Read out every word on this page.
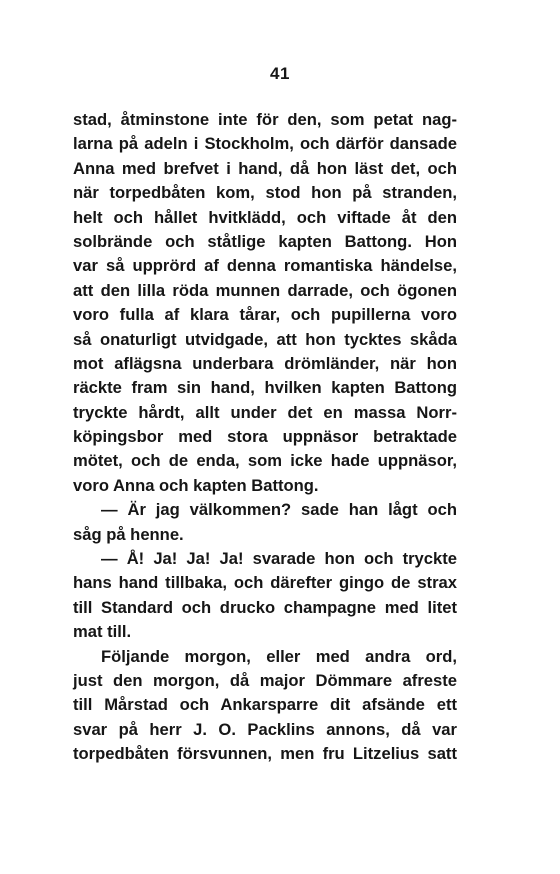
41
stad, åtminstone inte för den, som petat nag-
larna på adeln i Stockholm, och därför dansade
Anna med brefvet i hand, då hon läst det, och
när torpedbåten kom, stod hon på stranden,
helt och hållet hvitklädd, och viftade åt den
solbrände och ståtlige kapten Battong. Hon
var så upprörd af denna romantiska händelse,
att den lilla röda munnen darrade, och ögonen
voro fulla af klara tårar, och pupillerna voro
så onaturligt utvidgade, att hon tycktes skåda
mot aflägsna underbara drömländer, när hon
räckte fram sin hand, hvilken kapten Battong
tryckte hårdt, allt under det en massa Norr-
köpingsbor med stora uppnäsor betraktade
mötet, och de enda, som icke hade uppnäsor,
voro Anna och kapten Battong.
— Är jag välkommen? sade han lågt och
såg på henne.
— Å! Ja! Ja! Ja! svarade hon och tryckte
hans hand tillbaka, och därefter gingo de strax
till Standard och drucko champagne med litet
mat till.
Följande morgon, eller med andra ord,
just den morgon, då major Dömmare afreste
till Mårstad och Ankarsparre dit afsände ett
svar på herr J. O. Packlins annons, då var
torpedbåten försvunnen, men fru Litzelius satt
